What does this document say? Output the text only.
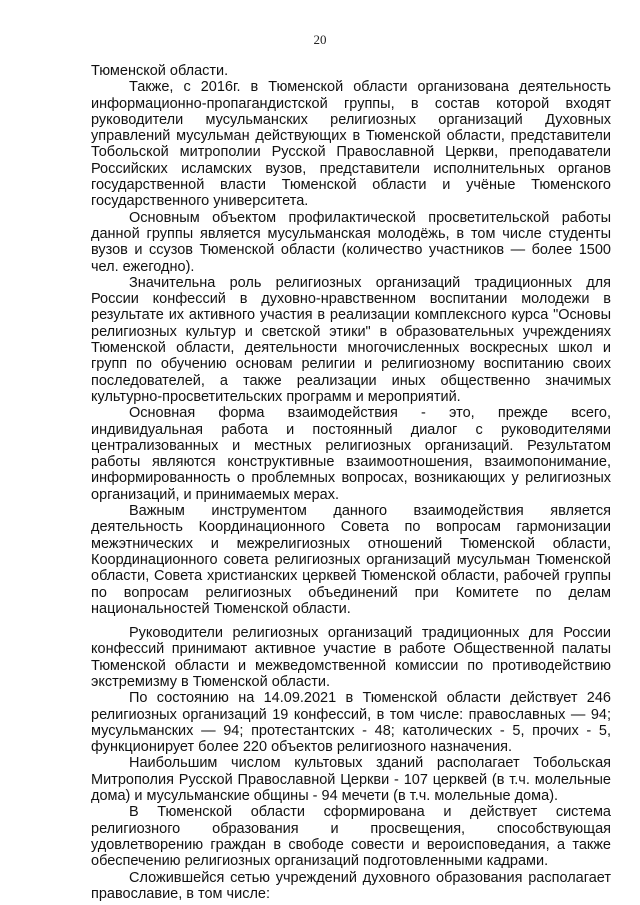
20

Тюменской области.

Также, с 2016г. в Тюменской области организована деятельность информационно-пропагандистской группы, в состав которой входят руководители мусульманских религиозных организаций Духовных управлений мусульман действующих в Тюменской области, представители Тобольской митрополии Русской Православной Церкви, преподаватели Российских исламских вузов, представители исполнительных органов государственной власти Тюменской области и учёные Тюменского государственного университета.

Основным объектом профилактической просветительской работы данной группы является мусульманская молодёжь, в том числе студенты вузов и ссузов Тюменской области (количество участников — более 1500 чел. ежегодно).

Значительна роль религиозных организаций традиционных для России конфессий в духовно-нравственном воспитании молодежи в результате их активного участия в реализации комплексного курса "Основы религиозных культур и светской этики" в образовательных учреждениях Тюменской области, деятельности многочисленных воскресных школ и групп по обучению основам религии и религиозному воспитанию своих последователей, а также реализации иных общественно значимых культурно-просветительских программ и мероприятий.

Основная форма взаимодействия - это, прежде всего, индивидуальная работа и постоянный диалог с руководителями централизованных и местных религиозных организаций. Результатом работы являются конструктивные взаимоотношения, взаимопонимание, информированность о проблемных вопросах, возникающих у религиозных организаций, и принимаемых мерах.

Важным инструментом данного взаимодействия является деятельность Координационного Совета по вопросам гармонизации межэтнических и межрелигиозных отношений Тюменской области, Координационного совета религиозных организаций мусульман Тюменской области, Совета христианских церквей Тюменской области, рабочей группы по вопросам религиозных объединений при Комитете по делам национальностей Тюменской области.

Руководители религиозных организаций традиционных для России конфессий принимают активное участие в работе Общественной палаты Тюменской области и межведомственной комиссии по противодействию экстремизму в Тюменской области.

По состоянию на 14.09.2021 в Тюменской области действует 246 религиозных организаций 19 конфессий, в том числе: православных — 94; мусульманских — 94; протестантских - 48; католических - 5, прочих - 5, функционирует более 220 объектов религиозного назначения.

Наибольшим числом культовых зданий располагает Тобольская Митрополия Русской Православной Церкви - 107 церквей (в т.ч. молельные дома) и мусульманские общины - 94 мечети (в т.ч. молельные дома).

В Тюменской области сформирована и действует система религиозного образования и просвещения, способствующая удовлетворению граждан в свободе совести и вероисповедания, а также обеспечению религиозных организаций подготовленными кадрами.

Сложившейся сетью учреждений духовного образования располагает православие, в том числе:
